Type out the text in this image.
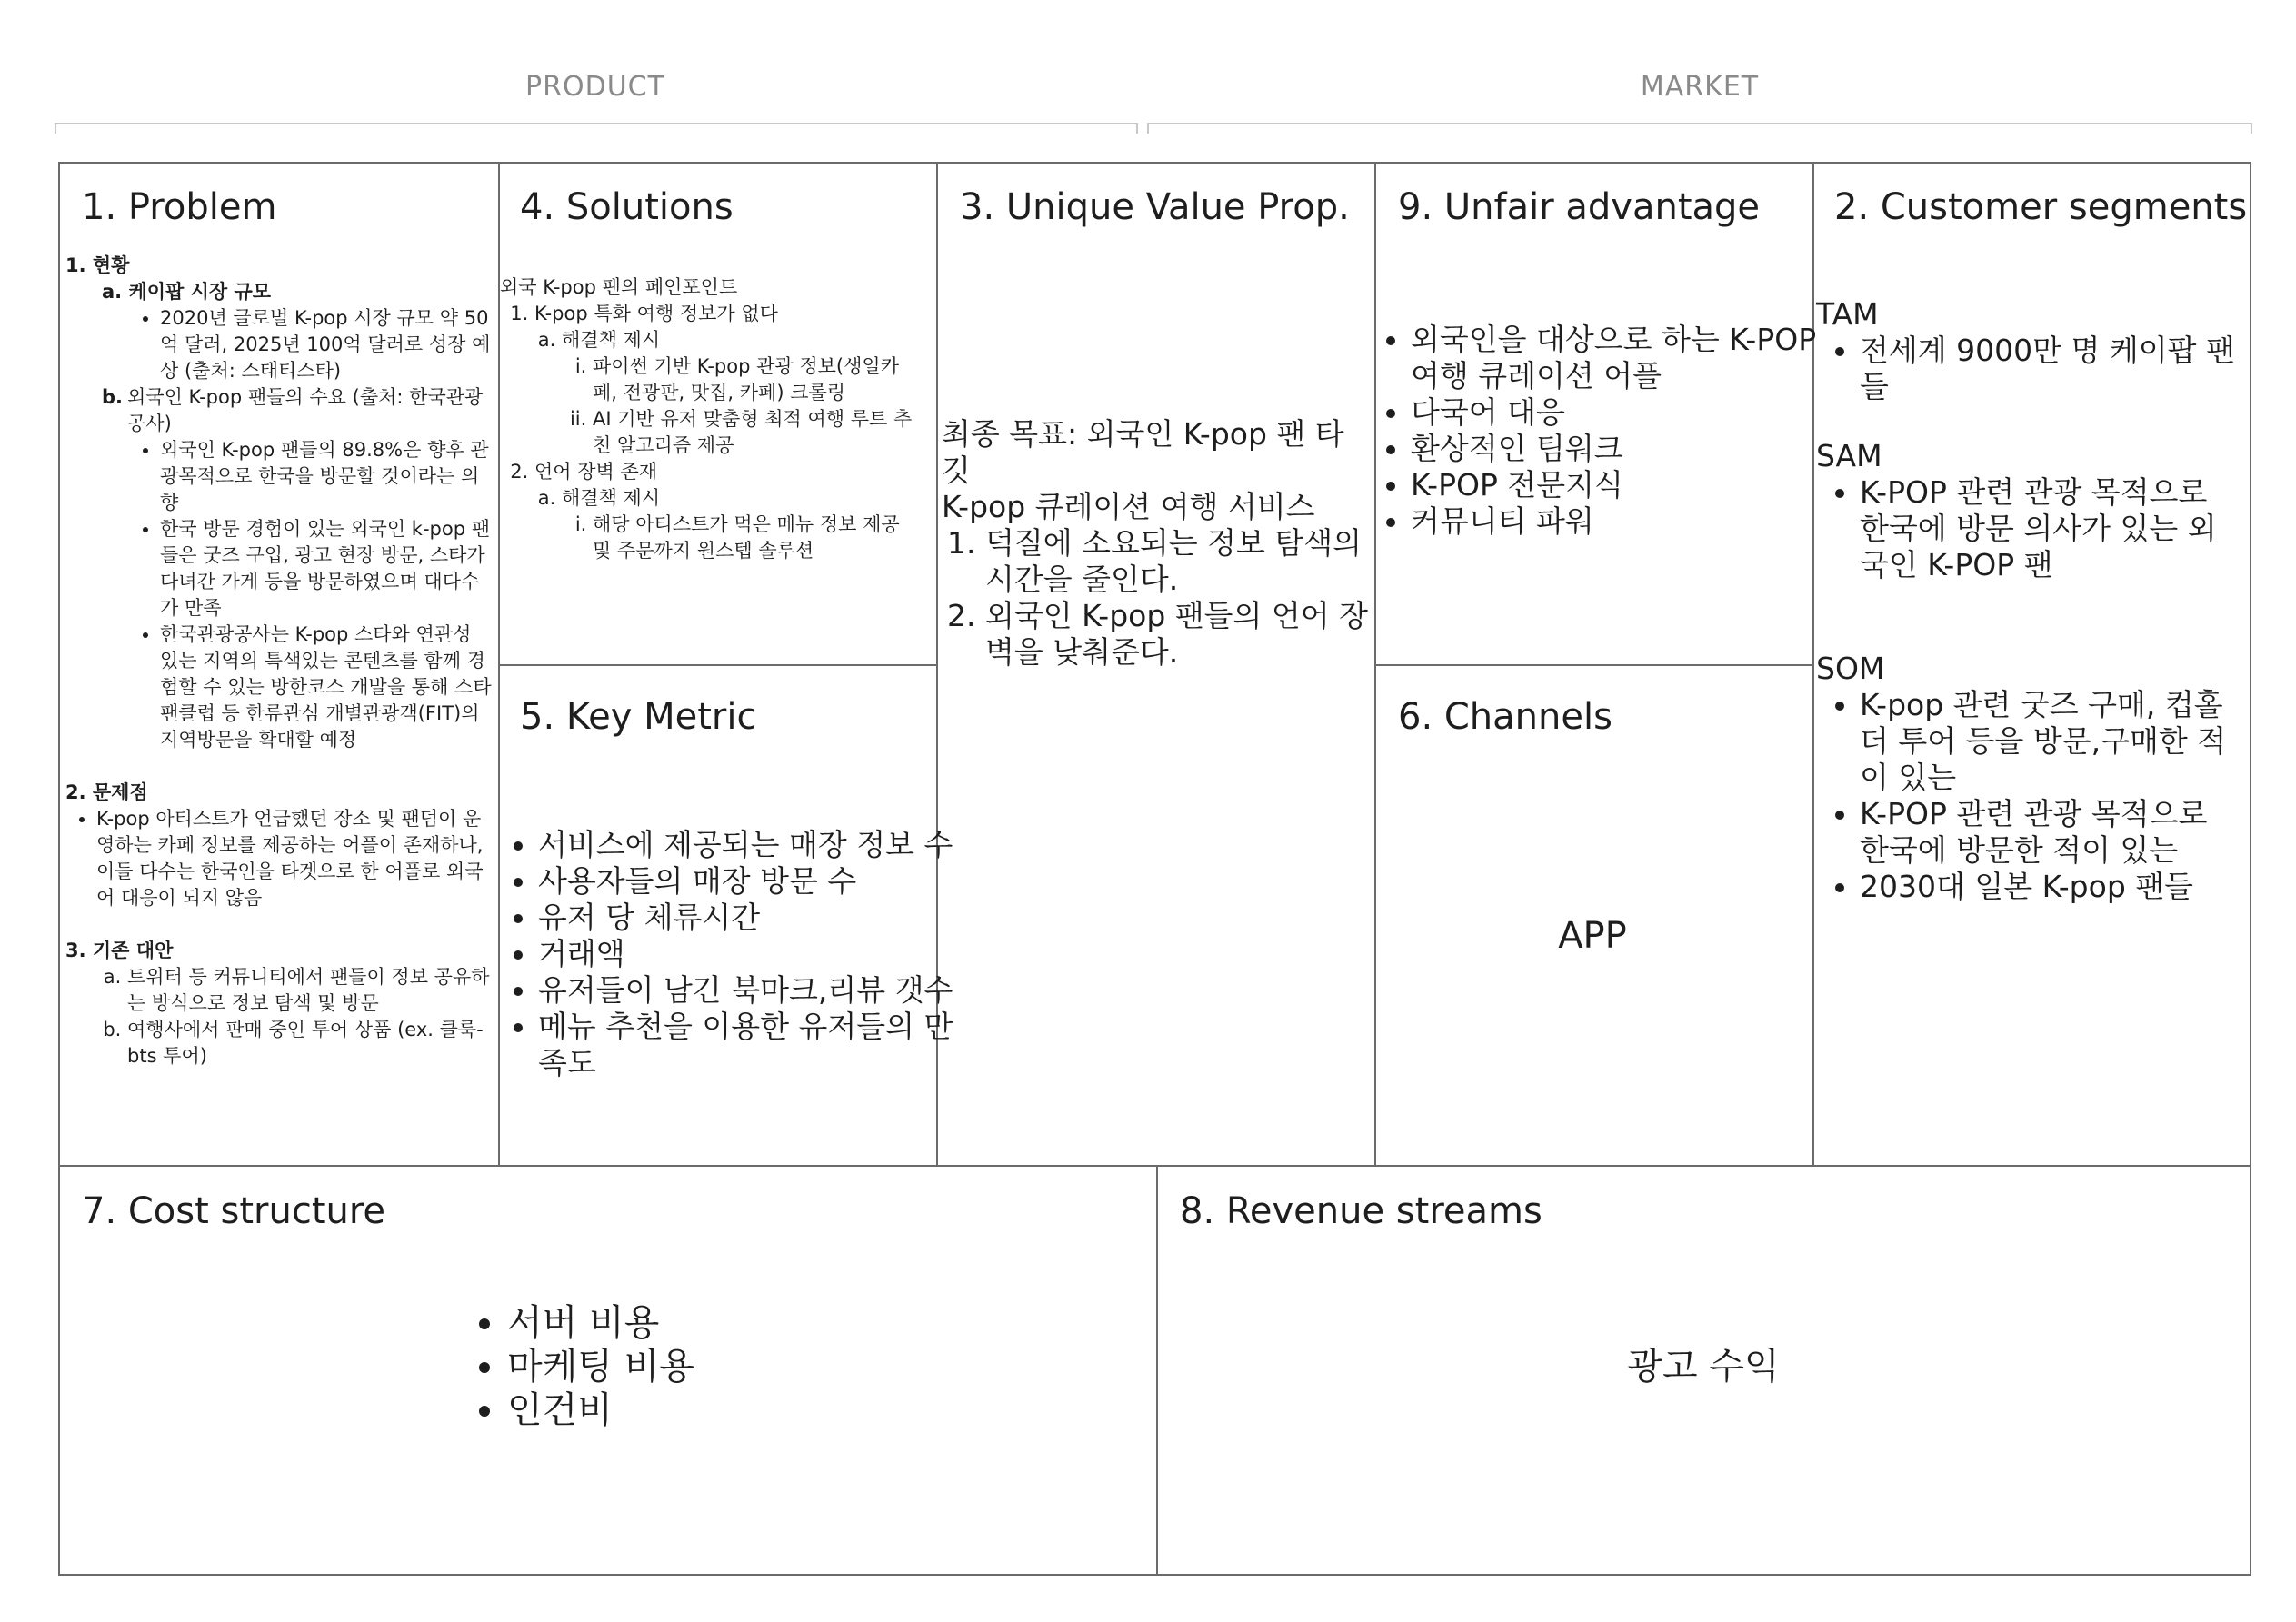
PRODUCT	MARKET
1. Problem
1. 현황
a. 케이팝 시장 규모
• 2020년 글로벌 K-pop 시장 규모 약 50억 달러, 2025년 100억 달러로 성장 예상 (출처: 스태티스타)
b. 외국인 K-pop 팬들의 수요 (출처: 한국관광공사)
• 외국인 K-pop 팬들의 89.8%은 향후 관광목적으로 한국을 방문할 것이라는 의향
• 한국 방문 경험이 있는 외국인 k-pop 팬들은 굿즈 구입, 광고 현장 방문, 스타가 다녀간 가게 등을 방문하였으며 대다수가 만족
• 한국관광공사는 K-pop 스타와 연관성 있는 지역의 특색있는 콘텐츠를 함께 경험할 수 있는 방한코스 개발을 통해 스타 팬클럽 등 한류관심 개별관광객(FIT)의 지역방문을 확대할 예정
2. 문제점
• K-pop 아티스트가 언급했던 장소 및 팬덤이 운영하는 카페 정보를 제공하는 어플이 존재하나, 이들 다수는 한국인을 타겟으로 한 어플로 외국어 대응이 되지 않음
3. 기존 대안
a. 트위터 등 커뮤니티에서 팬들이 정보 공유하는 방식으로 정보 탐색 및 방문
b. 여행사에서 판매 중인 투어 상품 (ex. 클룩-bts 투어)
4. Solutions
외국 K-pop 팬의 페인포인트
1. K-pop 특화 여행 정보가 없다
a. 해결책 제시
i. 파이썬 기반 K-pop 관광 정보(생일카페, 전광판, 맛집, 카페) 크롤링
ii. AI 기반 유저 맞춤형 최적 여행 루트 추천 알고리즘 제공
2. 언어 장벽 존재
a. 해결책 제시
i. 해당 아티스트가 먹은 메뉴 정보 제공 및 주문까지 원스텝 솔루션
5. Key Metric
• 서비스에 제공되는 매장 정보 수
• 사용자들의 매장 방문 수
• 유저 당 체류시간
• 거래액
• 유저들이 남긴 북마크,리뷰 갯수
• 메뉴 추천을 이용한 유저들의 만족도
3. Unique Value Prop.
최종 목표: 외국인 K-pop 팬 타깃
K-pop 큐레이션 여행 서비스
1. 덕질에 소요되는 정보 탐색의 시간을 줄인다.
2. 외국인 K-pop 팬들의 언어 장벽을 낮춰준다.
9. Unfair advantage
• 외국인을 대상으로 하는 K-POP 여행 큐레이션 어플
• 다국어 대응
• 환상적인 팀워크
• K-POP 전문지식
• 커뮤니티 파워
6. Channels
APP
2. Customer segments
TAM
• 전세계 9000만 명 케이팝 팬들
SAM
• K-POP 관련 관광 목적으로 한국에 방문 의사가 있는 외국인 K-POP 팬
SOM
• K-pop 관련 굿즈 구매, 컵홀더 투어 등을 방문,구매한 적이 있는
• K-POP 관련 관광 목적으로 한국에 방문한 적이 있는
• 2030대 일본 K-pop 팬들
7. Cost structure
• 서버 비용
• 마케팅 비용
• 인건비
8. Revenue streams
광고 수익
